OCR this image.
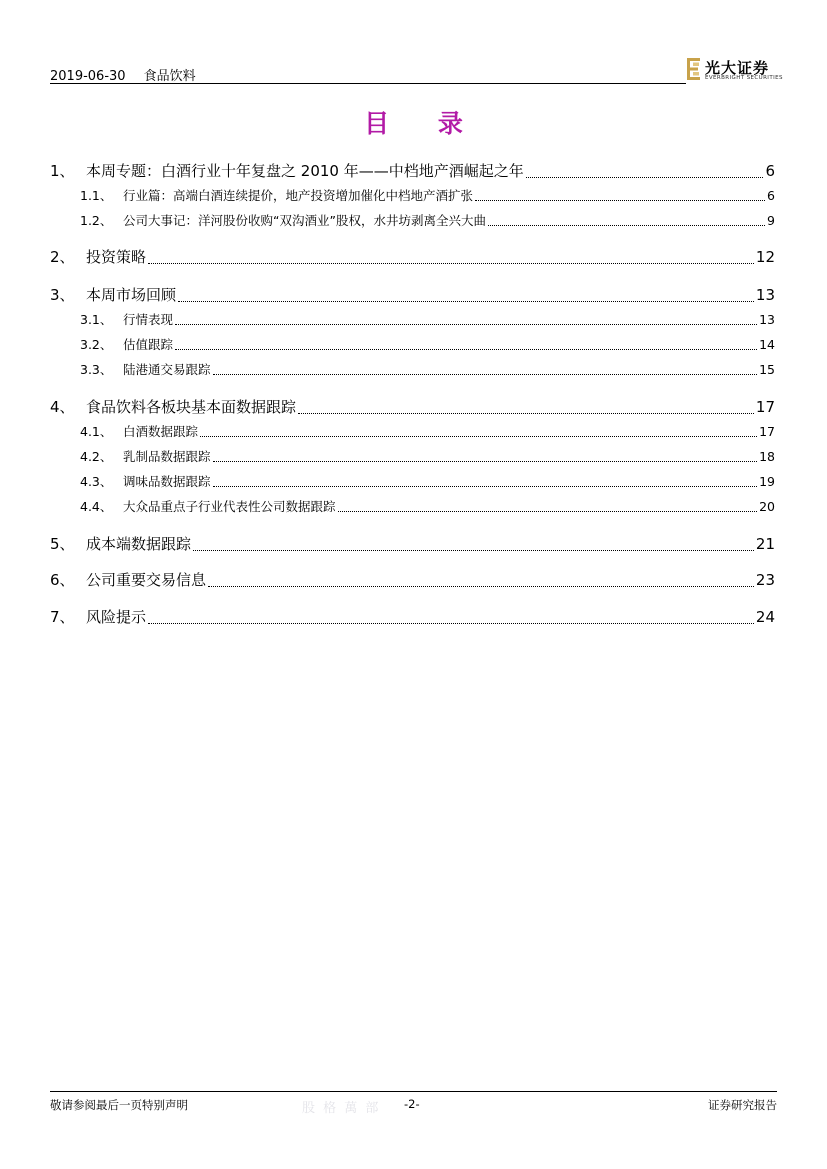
2019-06-30 食品饮料	光大证券
EVERBRIGHT SECURITIES
目 录
1、 本周专题：白酒行业十年复盘之 2010 年——中档地产酒崛起之年	6
1.1、 行业篇：高端白酒连续提价，地产投资增加催化中档地产酒扩张	6
1.2、 公司大事记：洋河股份收购“双沟酒业”股权，水井坊剥离全兴大曲	9
2、 投资策略	12
3、 本周市场回顾	13
3.1、 行情表现	13
3.2、 估值跟踪	14
3.3、 陆港通交易跟踪	15
4、 食品饮料各板块基本面数据跟踪	17
4.1、 白酒数据跟踪	17
4.2、 乳制品数据跟踪	18
4.3、 调味品数据跟踪	19
4.4、 大众品重点子行业代表性公司数据跟踪	20
5、 成本端数据跟踪	21
6、 公司重要交易信息	23
7、 风险提示	24
敬请参阅最后一页特别声明	股 格 萬 部 -2-	证券研究报告
